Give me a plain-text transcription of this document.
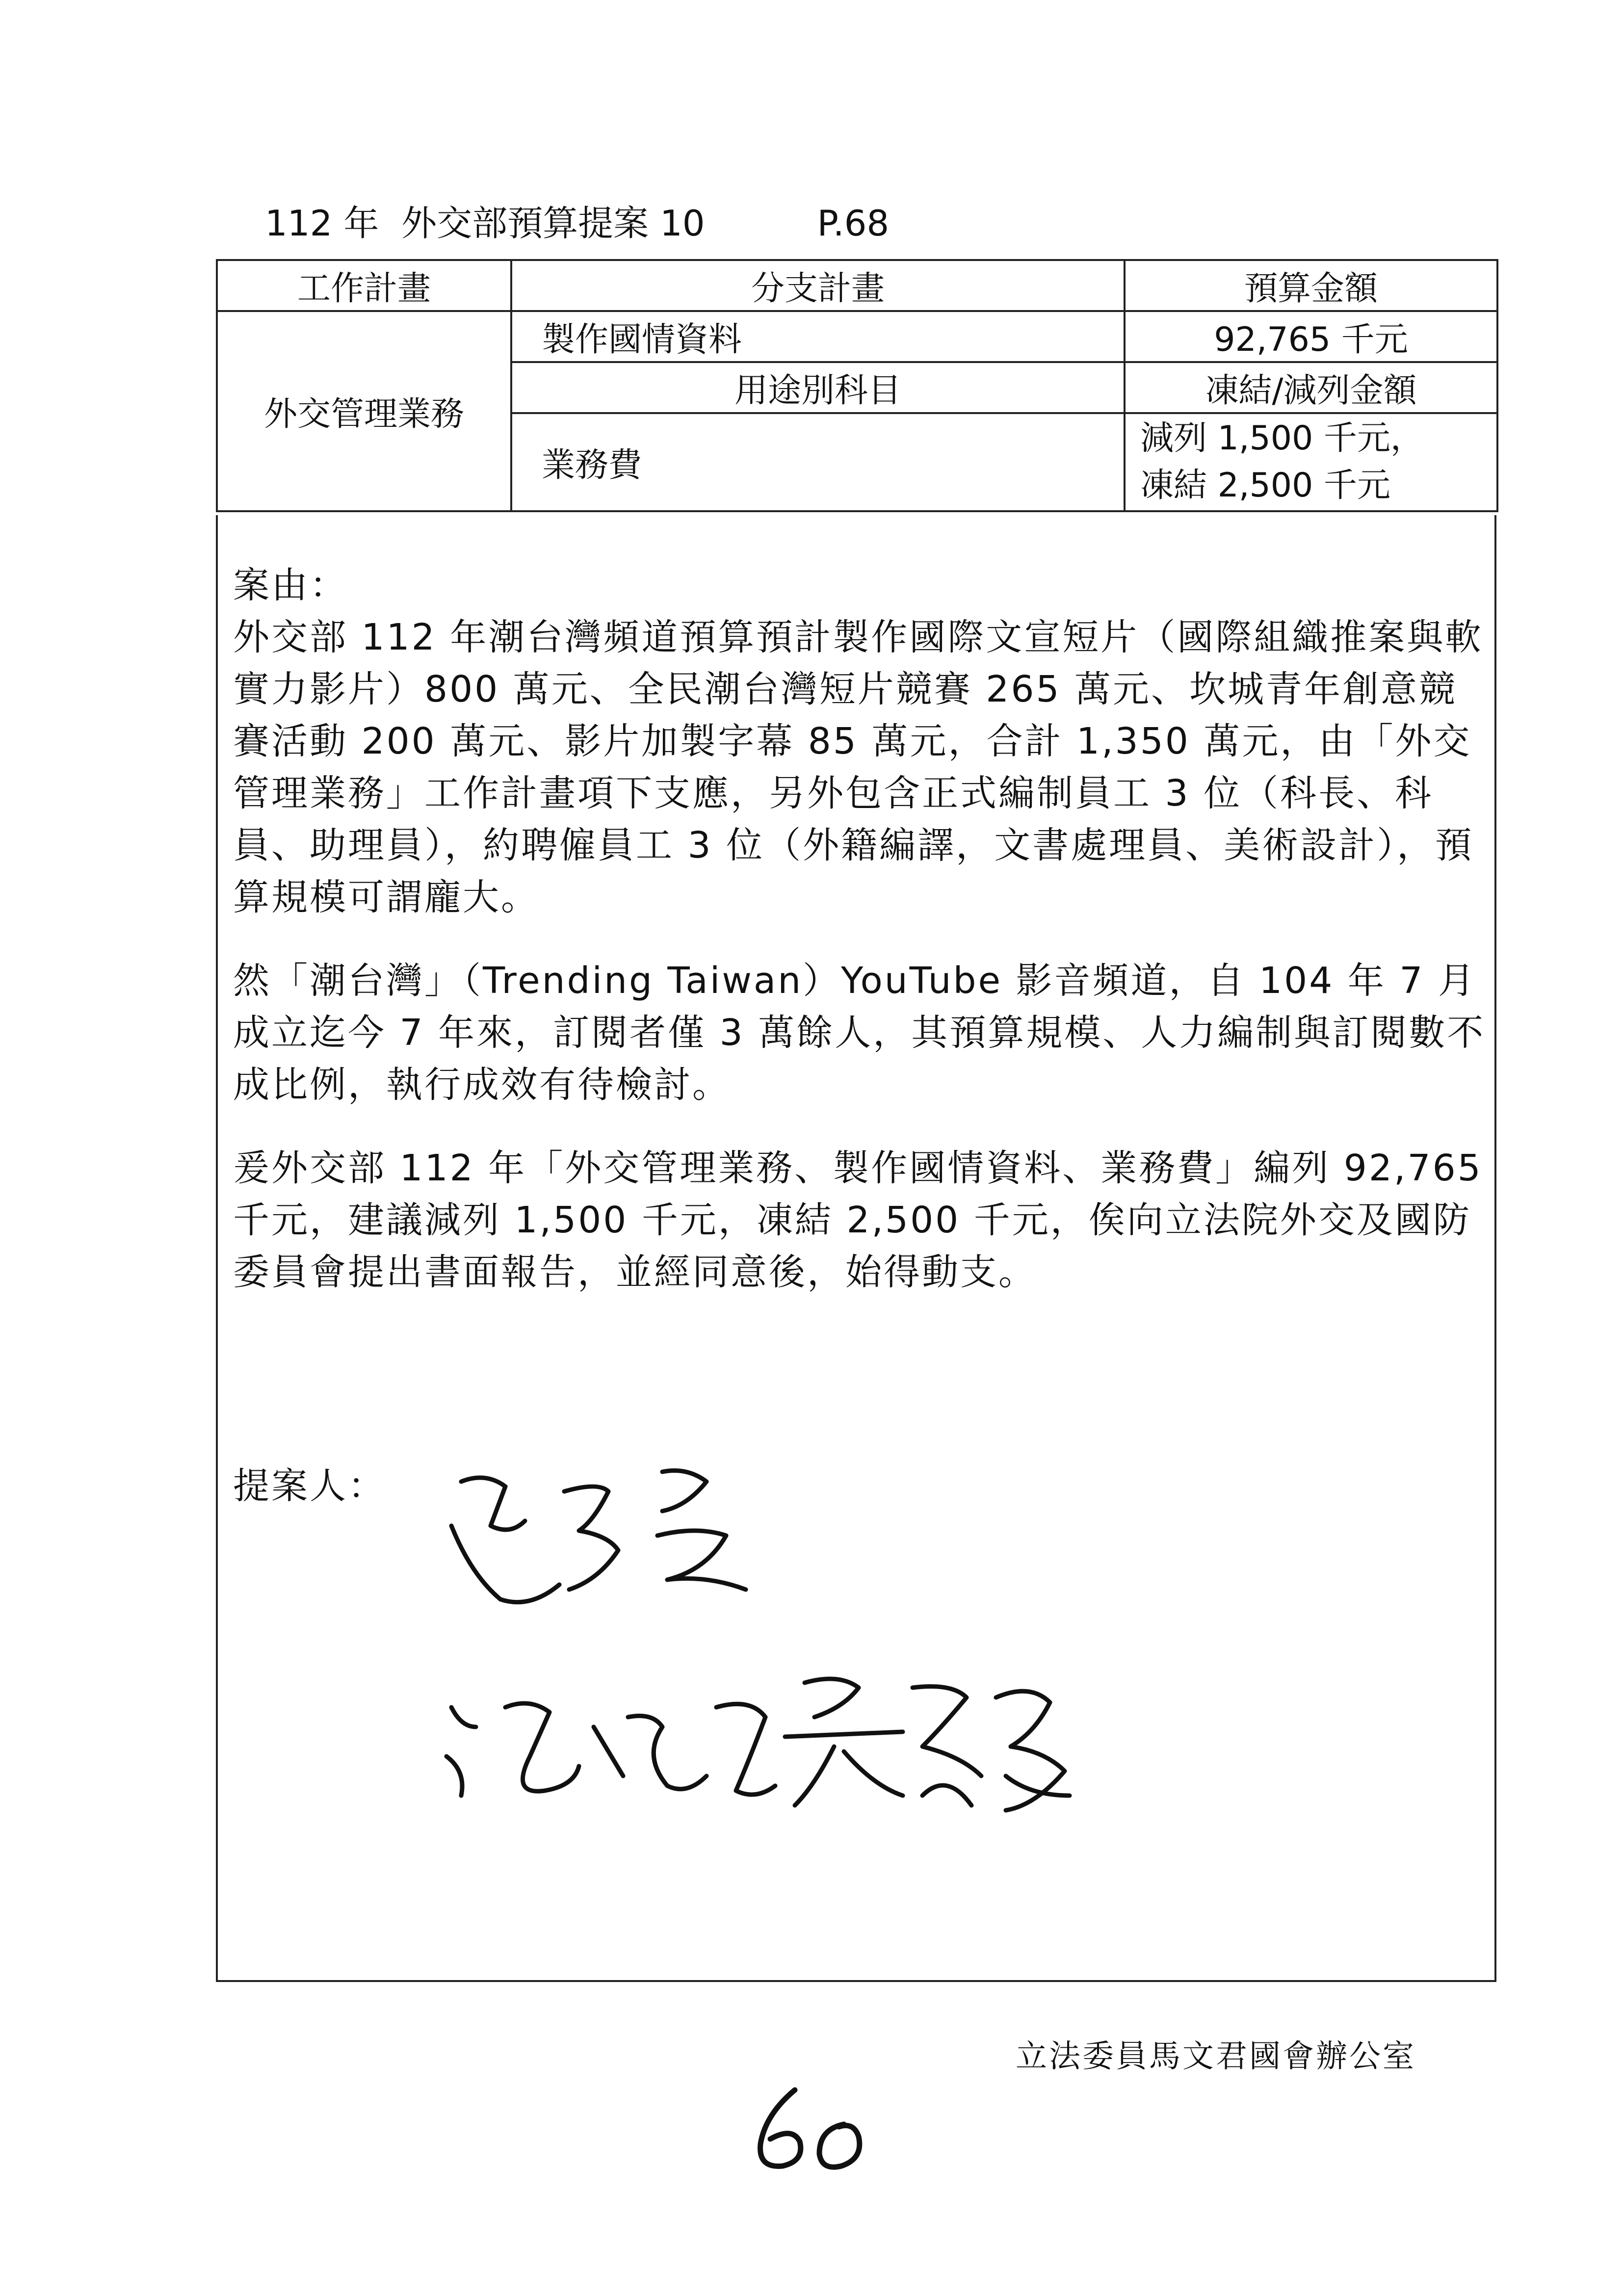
112 年 外交部預算提案 10	P.68
工作計畫	分支計畫	預算金額
外交管理業務	製作國情資料	92,765 千元
	用途別科目	凍結/減列金額
	業務費	減列 1,500 千元，
凍結 2,500 千元

案由：

外交部 112 年潮台灣頻道預算預計製作國際文宣短片（國際組織推案與軟實力影片）800 萬元、全民潮台灣短片競賽 265 萬元、坎城青年創意競賽活動 200 萬元、影片加製字幕 85 萬元，合計 1,350 萬元，由「外交管理業務」工作計畫項下支應，另外包含正式編制員工 3 位（科長、科員、助理員），約聘僱員工 3 位（外籍編譯，文書處理員、美術設計），預算規模可謂龐大。

然「潮台灣」（Trending Taiwan）YouTube 影音頻道，自 104 年 7 月成立迄今 7 年來，訂閱者僅 3 萬餘人，其預算規模、人力編制與訂閱數不成比例，執行成效有待檢討。

爰外交部 112 年「外交管理業務、製作國情資料、業務費」編列 92,765 千元，建議減列 1,500 千元，凍結 2,500 千元，俟向立法院外交及國防委員會提出書面報告，並經同意後，始得動支。

提案人：
立法委員馬文君國會辦公室
